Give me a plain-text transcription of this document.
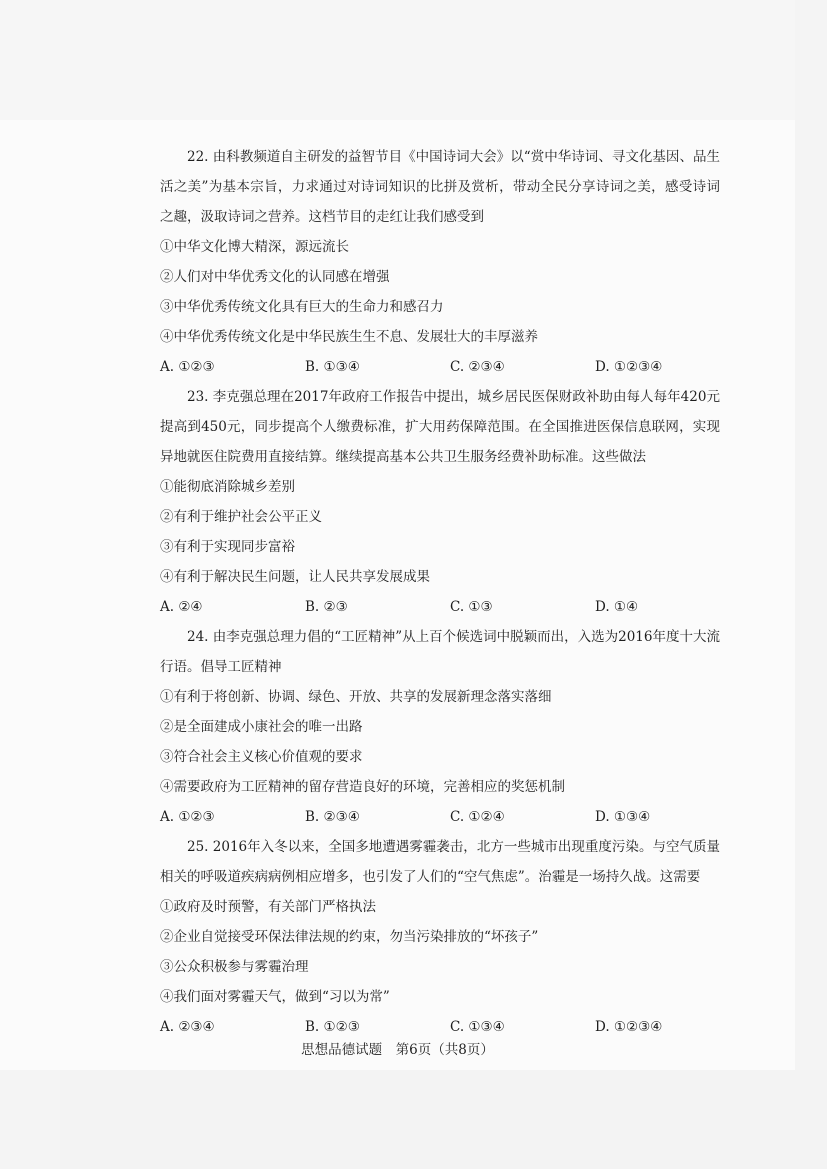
22. 由科教频道自主研发的益智节目《中国诗词大会》以“赏中华诗词、寻文化基因、品生活之美”为基本宗旨，力求通过对诗词知识的比拼及赏析，带动全民分享诗词之美，感受诗词之趣，汲取诗词之营养。这档节目的走红让我们感受到
①中华文化博大精深，源远流长
②人们对中华优秀文化的认同感在增强
③中华优秀传统文化具有巨大的生命力和感召力
④中华优秀传统文化是中华民族生生不息、发展壮大的丰厚滋养
A. ①②③	B. ①③④	C. ②③④	D. ①②③④
23. 李克强总理在2017年政府工作报告中提出，城乡居民医保财政补助由每人每年420元提高到450元，同步提高个人缴费标准，扩大用药保障范围。在全国推进医保信息联网，实现异地就医住院费用直接结算。继续提高基本公共卫生服务经费补助标准。这些做法
①能彻底消除城乡差别
②有利于维护社会公平正义
③有利于实现同步富裕
④有利于解决民生问题，让人民共享发展成果
A. ②④	B. ②③	C. ①③	D. ①④
24. 由李克强总理力倡的“工匠精神”从上百个候选词中脱颖而出，入选为2016年度十大流行语。倡导工匠精神
①有利于将创新、协调、绿色、开放、共享的发展新理念落实落细
②是全面建成小康社会的唯一出路
③符合社会主义核心价值观的要求
④需要政府为工匠精神的留存营造良好的环境，完善相应的奖惩机制
A. ①②③	B. ②③④	C. ①②④	D. ①③④
25. 2016年入冬以来，全国多地遭遇雾霾袭击，北方一些城市出现重度污染。与空气质量相关的呼吸道疾病病例相应增多，也引发了人们的“空气焦虑”。治霾是一场持久战。这需要
①政府及时预警，有关部门严格执法
②企业自觉接受环保法律法规的约束，勿当污染排放的“坏孩子”
③公众积极参与雾霾治理
④我们面对雾霾天气，做到“习以为常”
A. ②③④	B. ①②③	C. ①③④	D. ①②③④
思想品德试题　第6页（共8页）
